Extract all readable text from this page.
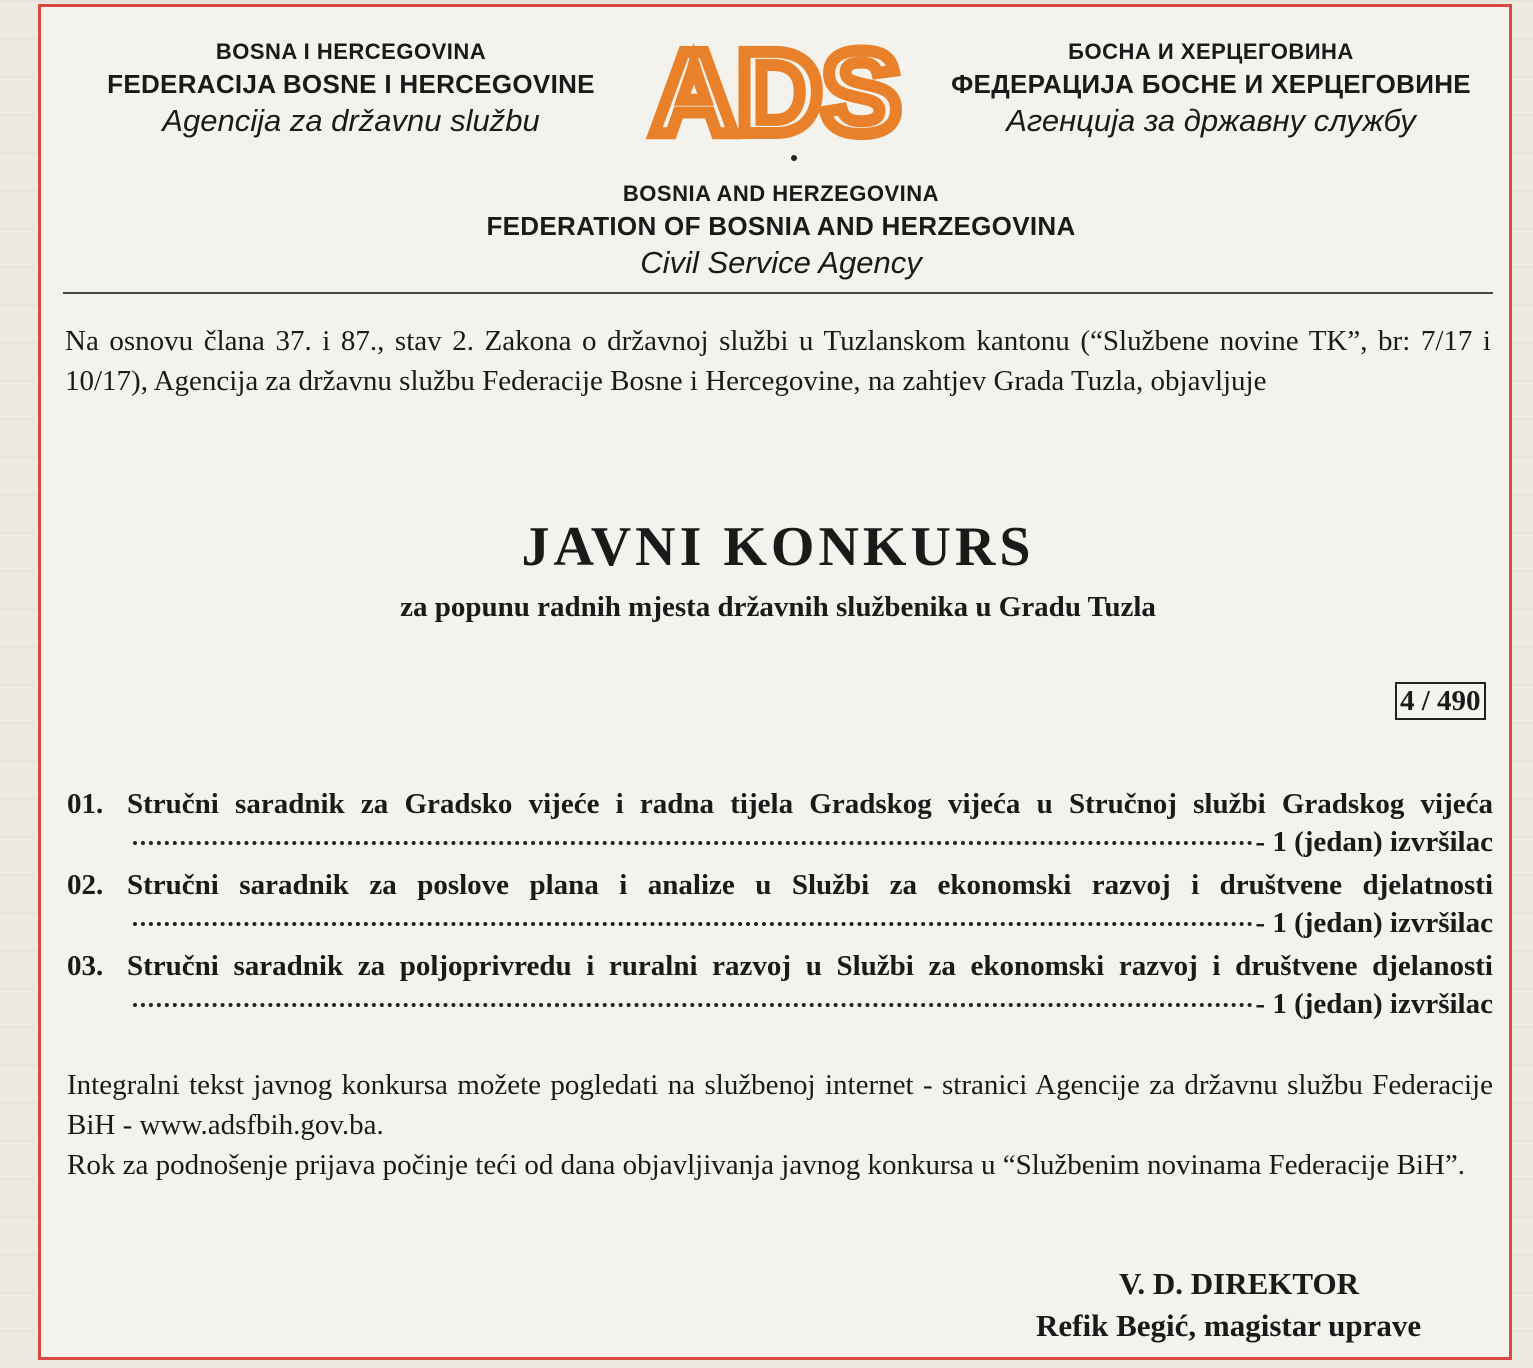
BOSNA I HERCEGOVINA
FEDERACIJA BOSNE I HERCEGOVINE
Agencija za državnu službu ADS	БОСНА И ХЕРЦЕГОВИНА
ФЕДЕРАЦИЈА БОСНЕ И ХЕРЦЕГОВИНЕ
Агенција за државну службу
BOSNIA AND HERZEGOVINA
FEDERATION OF BOSNIA AND HERZEGOVINA
Civil Service Agency
Na osnovu člana 37. i 87., stav 2. Zakona o državnoj službi u Tuzlanskom kantonu (“Službene novine TK”, br: 7/17 i 10/17), Agencija za državnu službu Federacije Bosne i Hercegovine, na zahtjev Grada Tuzla, objavljuje
JAVNI KONKURS
za popunu radnih mjesta državnih službenika u Gradu Tuzla
4 / 490
01. Stručni saradnik za Gradsko vijeće i radna tijela Gradskog vijeća u Stručnoj službi Gradskog vijeća
- 1 (jedan) izvršilac
02. Stručni saradnik za poslove plana i analize u Službi za ekonomski razvoj i društvene djelatnosti
- 1 (jedan) izvršilac
03. Stručni saradnik za poljoprivredu i ruralni razvoj u Službi za ekonomski razvoj i društvene djelanosti
- 1 (jedan) izvršilac

Integralni tekst javnog konkursa možete pogledati na službenoj internet - stranici Agencije za državnu službu Federacije BiH - www.adsfbih.gov.ba.

Rok za podnošenje prijava počinje teći od dana objavljivanja javnog konkursa u “Službenim novinama Federacije BiH”.

V. D. DIREKTOR
Refik Begić, magistar uprave
